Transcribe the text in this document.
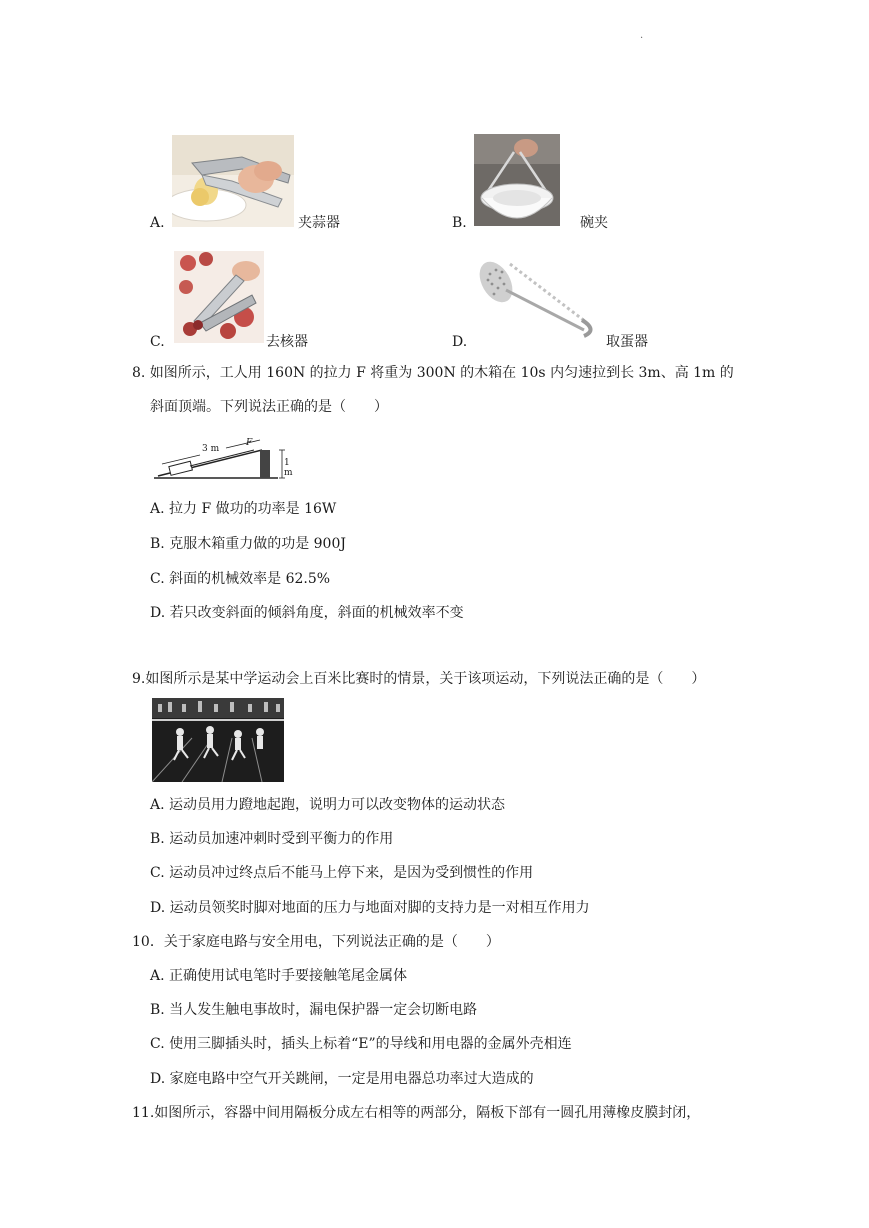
.
A.	夹蒜器	B.	碗夹
C.	去核器	D.	取蛋器
8. 如图所示，工人用 160N 的拉力 F 将重为 300N 的木箱在 10s 内匀速拉到长 3m、高 1m 的
斜面顶端。下列说法正确的是（　　）
3 m
1 m
F
A. 拉力 F 做功的功率是 16W
B. 克服木箱重力做的功是 900J
C. 斜面的机械效率是 62.5%
D. 若只改变斜面的倾斜角度，斜面的机械效率不变
9.如图所示是某中学运动会上百米比赛时的情景，关于该项运动，下列说法正确的是（　　）
A. 运动员用力蹬地起跑，说明力可以改变物体的运动状态
B. 运动员加速冲刺时受到平衡力的作用
C. 运动员冲过终点后不能马上停下来，是因为受到惯性的作用
D. 运动员领奖时脚对地面的压力与地面对脚的支持力是一对相互作用力
10．关于家庭电路与安全用电，下列说法正确的是（　　）
A. 正确使用试电笔时手要接触笔尾金属体
B. 当人发生触电事故时，漏电保护器一定会切断电路
C. 使用三脚插头时，插头上标着“E”的导线和用电器的金属外壳相连
D. 家庭电路中空气开关跳闸，一定是用电器总功率过大造成的
11.如图所示，容器中间用隔板分成左右相等的两部分，隔板下部有一圆孔用薄橡皮膜封闭，
